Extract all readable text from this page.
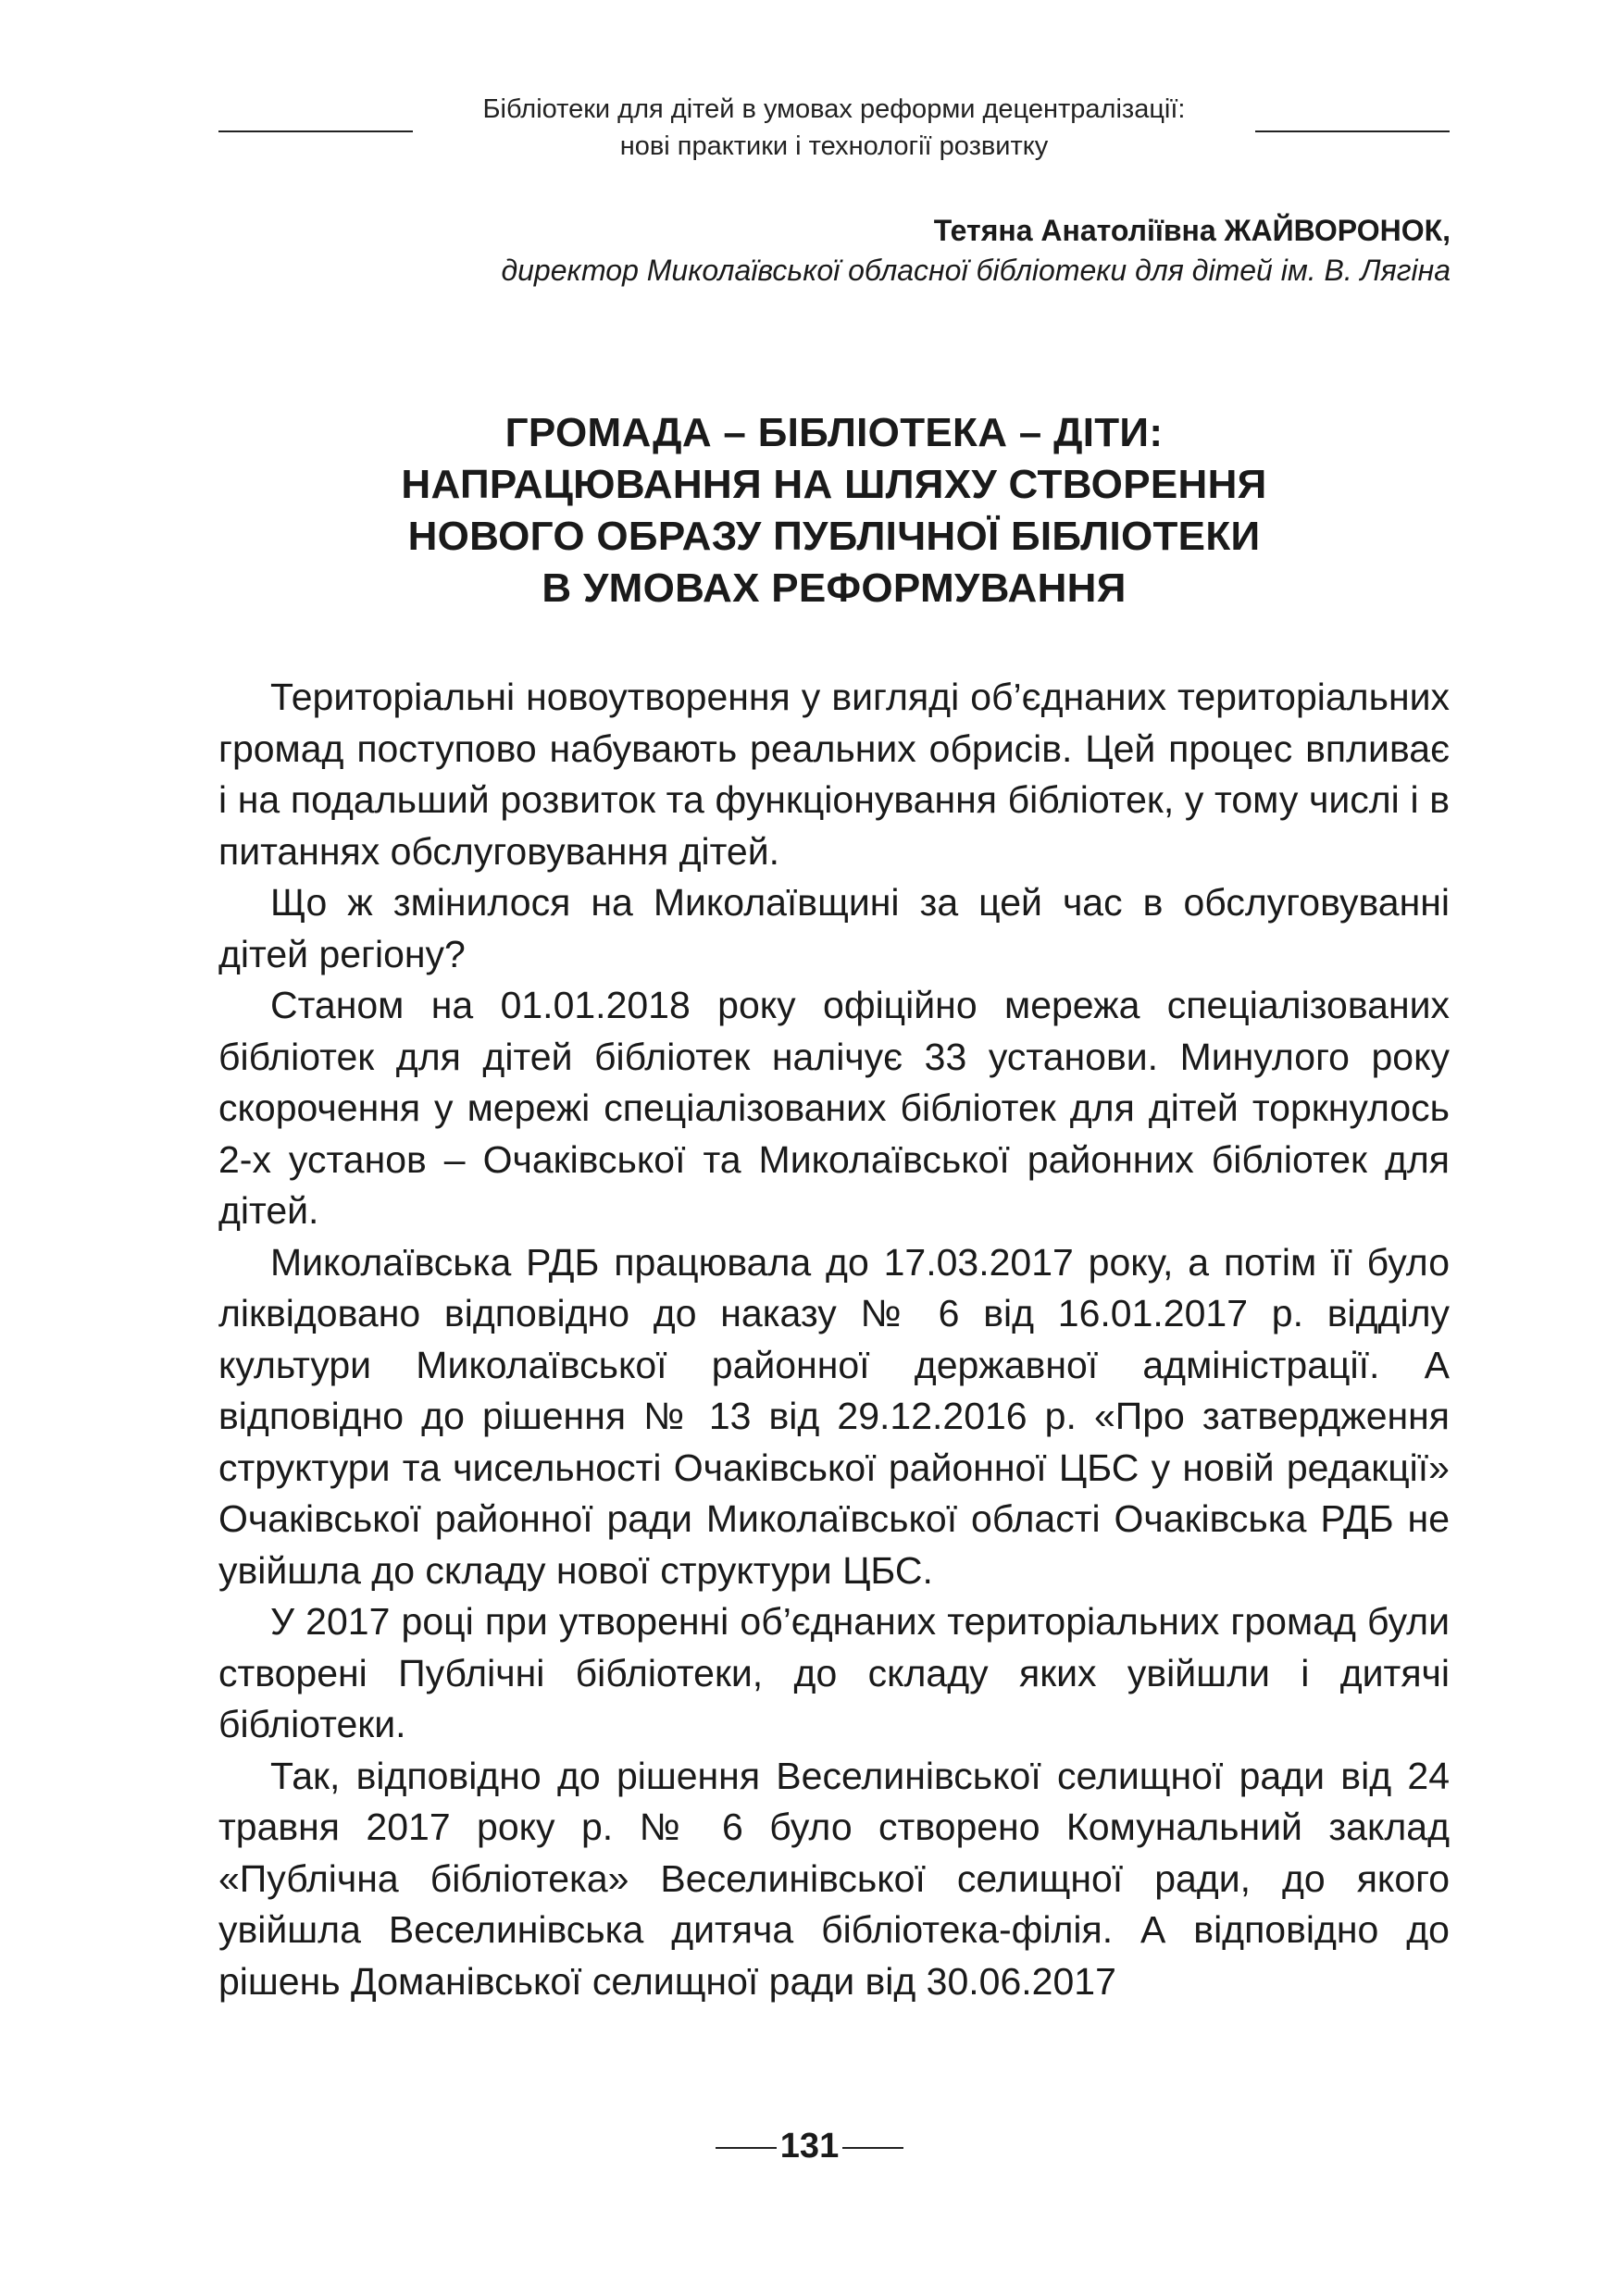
Бібліотеки для дітей в умовах реформи децентралізації:
нові практики і технології розвитку
Тетяна Анатоліївна ЖАЙВОРОНОК,
директор Миколаївської обласної бібліотеки для дітей ім. В. Лягіна
ГРОМАДА – БІБЛІОТЕКА – ДІТИ:
НАПРАЦЮВАННЯ НА ШЛЯХУ СТВОРЕННЯ
НОВОГО ОБРАЗУ ПУБЛІЧНОЇ БІБЛІОТЕКИ
В УМОВАХ РЕФОРМУВАННЯ

Територіальні новоутворення у вигляді об’єднаних територіальних громад поступово набувають реальних обрисів. Цей процес впливає і на подальший розвиток та функціонування бібліотек, у тому числі і в питаннях обслуговування дітей.

Що ж змінилося на Миколаївщині за цей час в обслуговуванні дітей регіону?

Станом на 01.01.2018 року офіційно мережа спеціалізованих бібліотек для дітей бібліотек налічує 33 установи. Минулого року скорочення у мережі спеціалізованих бібліотек для дітей торкнулось 2-х установ – Очаківської та Миколаївської районних бібліотек для дітей.

Миколаївська РДБ працювала до 17.03.2017 року, а потім її було ліквідовано відповідно до наказу № 6 від 16.01.2017 р. відділу культури Миколаївської районної державної адміністрації. А відповідно до рішення № 13 від 29.12.2016 р. «Про затвердження структури та чисельності Очаківської районної ЦБС у новій редакції» Очаківської районної ради Миколаївської області Очаківська РДБ не увійшла до складу нової структури ЦБС.

У 2017 році при утворенні об’єднаних територіальних громад були створені Публічні бібліотеки, до складу яких увійшли і дитячі бібліотеки.

Так, відповідно до рішення Веселинівської селищної ради від 24 травня 2017 року р. № 6 було створено Комунальний заклад «Публічна бібліотека» Веселинівської селищної ради, до якого увійшла Веселинівська дитяча бібліотека-філія. А відповідно до рішень Доманівської селищної ради від 30.06.2017

131
